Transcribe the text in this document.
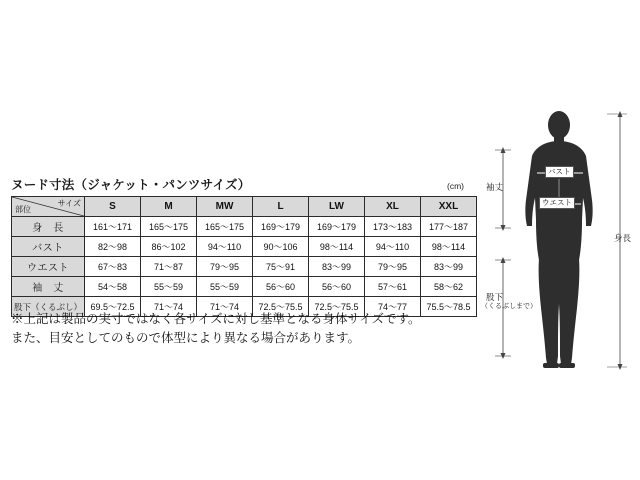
ヌード寸法（ジャケット・パンツサイズ）	(cm)
サイズ
部位	S	M	MW	L	LW	XL	XXL
身　長	161〜171	165〜175	165〜175	169〜179	169〜179	173〜183	177〜187
バスト	82〜98	86〜102	94〜110	90〜106	98〜114	94〜110	98〜114
ウエスト	67〜83	71〜87	79〜95	75〜91	83〜99	79〜95	83〜99
袖　丈	54〜58	55〜59	55〜59	56〜60	56〜60	57〜61	58〜62
股下（くるぶし）	69.5〜72.5	71〜74	71〜74	72.5〜75.5	72.5〜75.5	74〜77	75.5〜78.5
※上記は製品の実寸ではなく各サイズに対し基準となる身体サイズです。
また、目安としてのもので体型により異なる場合があります。
バスト
ウエスト
袖丈
身長
股下
（くるぶしまで）
